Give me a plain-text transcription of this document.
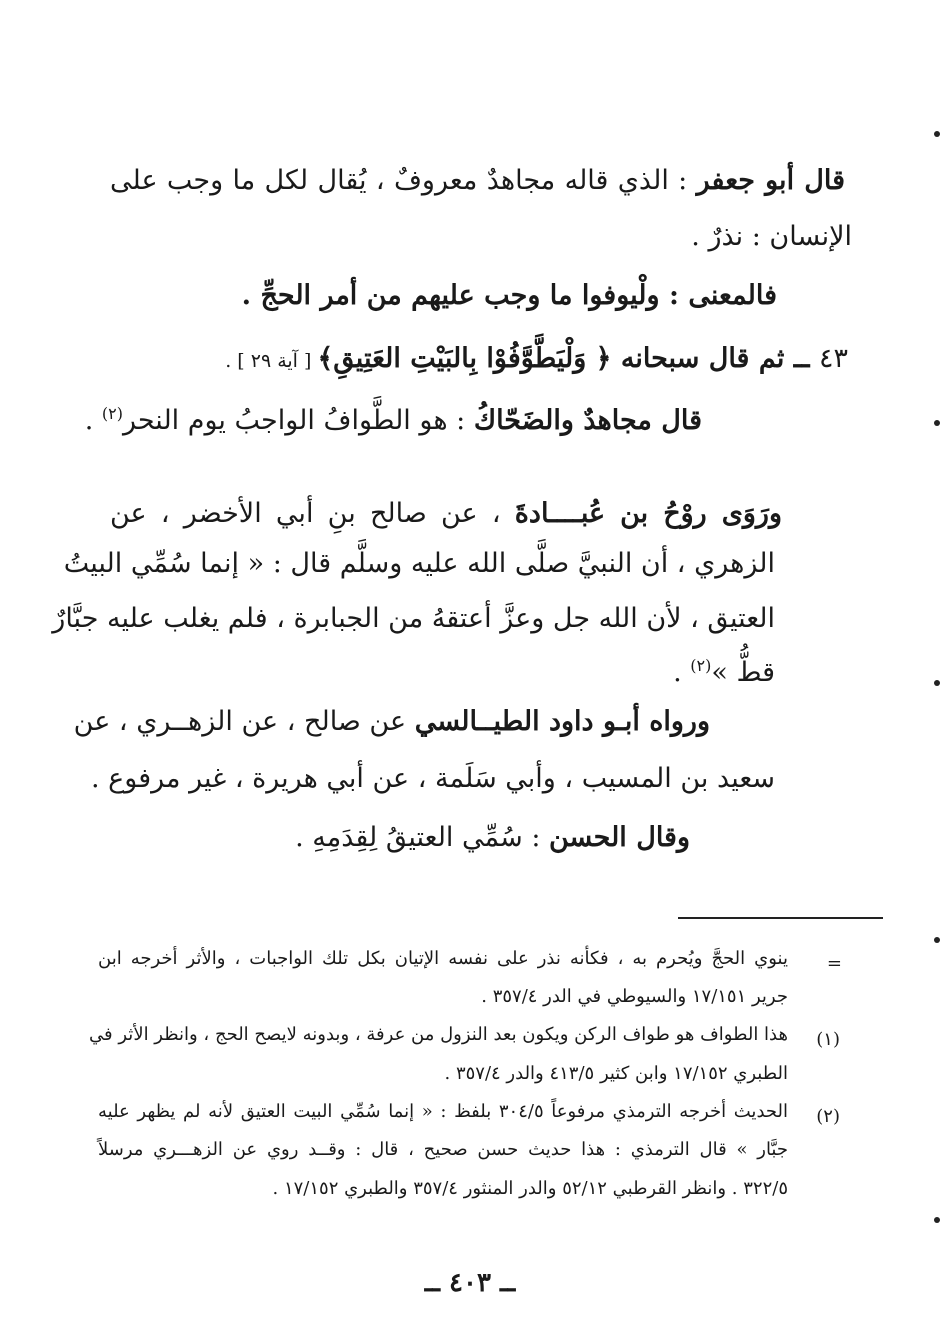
قال أبو جعفر : الذي قاله مجاهدٌ معروفٌ ، يُقال لكل ما وجب على
الإنسان : نذرٌ .
فالمعنى : ولْيوفوا ما وجب عليهم من أمر الحجِّ .
٤٣ ــ ثم قال سبحانه ﴿ وَلْيَطَّوَّفُوْا بِالبَيْتِ العَتِيقِ﴾ [ آية ٢٩ ] .
قال مجاهدٌ والضَحّاكُ : هو الطَّوافُ الواجبُ يوم النحر$^{(٢)}$ .
ورَوَى روْحُ بن عُبــــادةَ ، عن صالح بنِ أبي الأخضر ، عن
الزهري ، أن النبيَّ صلَّى الله عليه وسلَّم قال : « إنما سُمِّي البيتُ
العتيق ، لأن الله جل وعزَّ أعتقهُ من الجبابرة ، فلم يغلب عليه جبَّارٌ
قطُّ »$^{(٢)}$ .
ورواه أبـو داود الطيــالسي عن صالح ، عن الزهــري ، عن
سعيد بن المسيب ، وأبي سَلَمة ، عن أبي هريرة ، غير مرفوع .
وقال الحسن : سُمِّي العتيقُ لِقِدَمِهِ .
=
ينوي الحجَّ ويُحرم به ، فكأنه نذر على نفسه الإتيان بكل تلك الواجبات ، والأثر أخرجه ابن
جرير ١٧/١٥١ والسيوطي في الدر ٣٥٧/٤ .
(١)
هذا الطواف هو طواف الركن ويكون بعد النزول من عرفة ، وبدونه لايصح الحج ، وانظر الأثر في
الطبري ١٧/١٥٢ وابن كثير ٤١٣/٥ والدر ٣٥٧/٤ .
(٢)
الحديث أخرجه الترمذي مرفوعاً ٣٠٤/٥ بلفظ : « إنما سُمِّي البيت العتيق لأنه لم يظهر عليه
جبَّار » قال الترمذي : هذا حديث حسن صحيح ، قال : وقــد روي عن الزهـــري مرسلاً
٣٢٢/٥ . وانظر القرطبي ٥٢/١٢ والدر المنثور ٣٥٧/٤ والطبري ١٧/١٥٢ .
ــ ٤٠٣ ــ
